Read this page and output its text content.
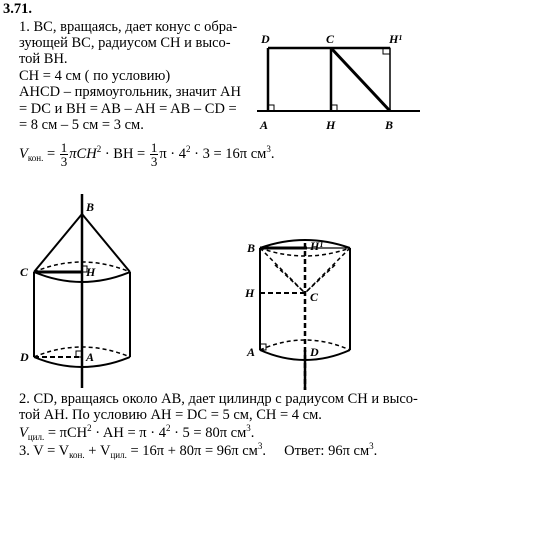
3.71.
1. BC, вращаясь, дает конус с обра-
зующей BC, радиусом CH и высо-
той BH.
CH = 4 см ( по условию)
AHCD – прямоугольник, значит AH
= DC и BH = AB – AH = AB – CD =
= 8 см – 5 см = 3 см.
$V_{кон.} = \frac{1}{3} \pi CH^2$ · BH = $\frac{1}{3}$ $\pi \cdot 4^2 \cdot 3 = 16\pi$ $см^3$.
D	C	H¹
A	H	B
B
C	H
D	A
B	H¹
H	C
A	D
2. CD, вращаясь около AB, дает цилиндр с радиусом CH и высо-
той AH. По условию AH = DC = 5 см, CH = 4 см.
$V_{цил.} = \pi CH^2$ · AH = $\pi \cdot 4^2 \cdot 5 = 80\pi$ $см^3$.
3. $V = V_{кон.} + V_{цил.} = 16\pi + 80\pi = 96\pi$ $см^3$.     Ответ: 96π $см^3$.
